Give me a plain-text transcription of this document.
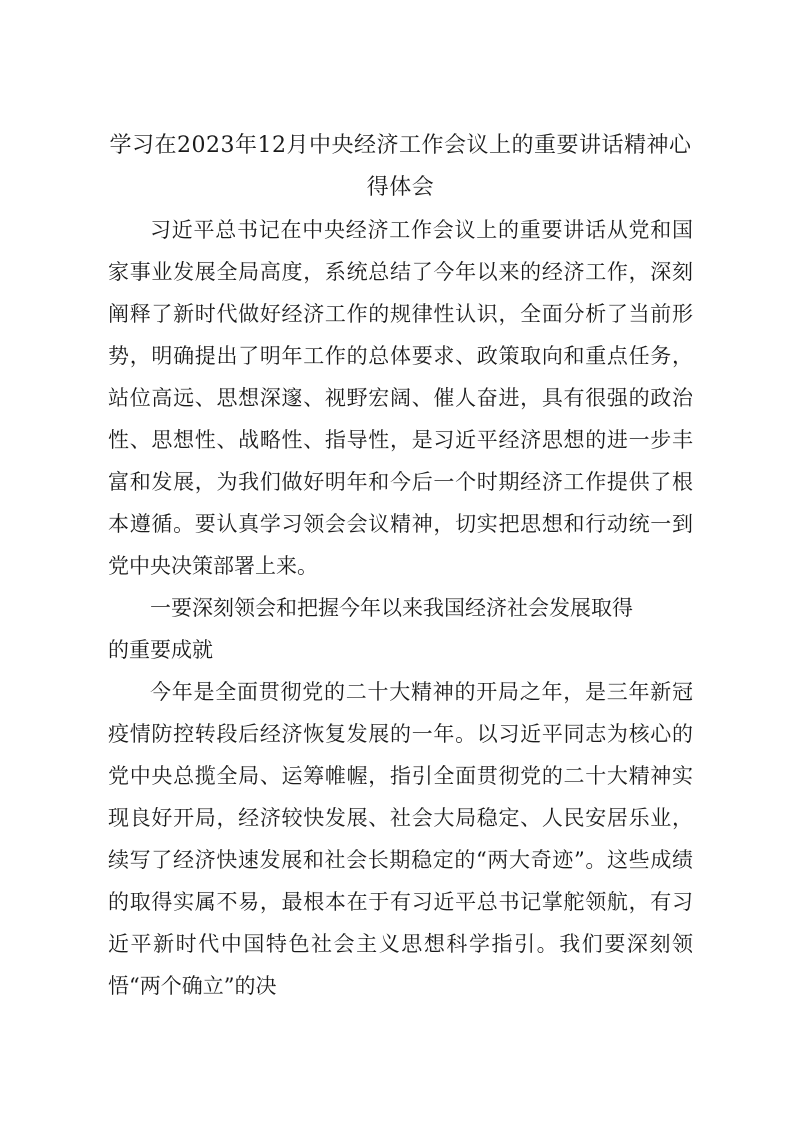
学习在2023年12月中央经济工作会议上的重要讲话精神心得体会

习近平总书记在中央经济工作会议上的重要讲话从党和国家事业发展全局高度，系统总结了今年以来的经济工作，深刻阐释了新时代做好经济工作的规律性认识，全面分析了当前形势，明确提出了明年工作的总体要求、政策取向和重点任务，站位高远、思想深邃、视野宏阔、催人奋进，具有很强的政治性、思想性、战略性、指导性，是习近平经济思想的进一步丰富和发展，为我们做好明年和今后一个时期经济工作提供了根本遵循。要认真学习领会会议精神，切实把思想和行动统一到党中央决策部署上来。

一要深刻领会和把握今年以来我国经济社会发展取得的重要成就

今年是全面贯彻党的二十大精神的开局之年，是三年新冠疫情防控转段后经济恢复发展的一年。以习近平同志为核心的党中央总揽全局、运筹帷幄，指引全面贯彻党的二十大精神实现良好开局，经济较快发展、社会大局稳定、人民安居乐业，续写了经济快速发展和社会长期稳定的“两大奇迹”。这些成绩的取得实属不易，最根本在于有习近平总书记掌舵领航，有习近平新时代中国特色社会主义思想科学指引。我们要深刻领悟“两个确立”的决
